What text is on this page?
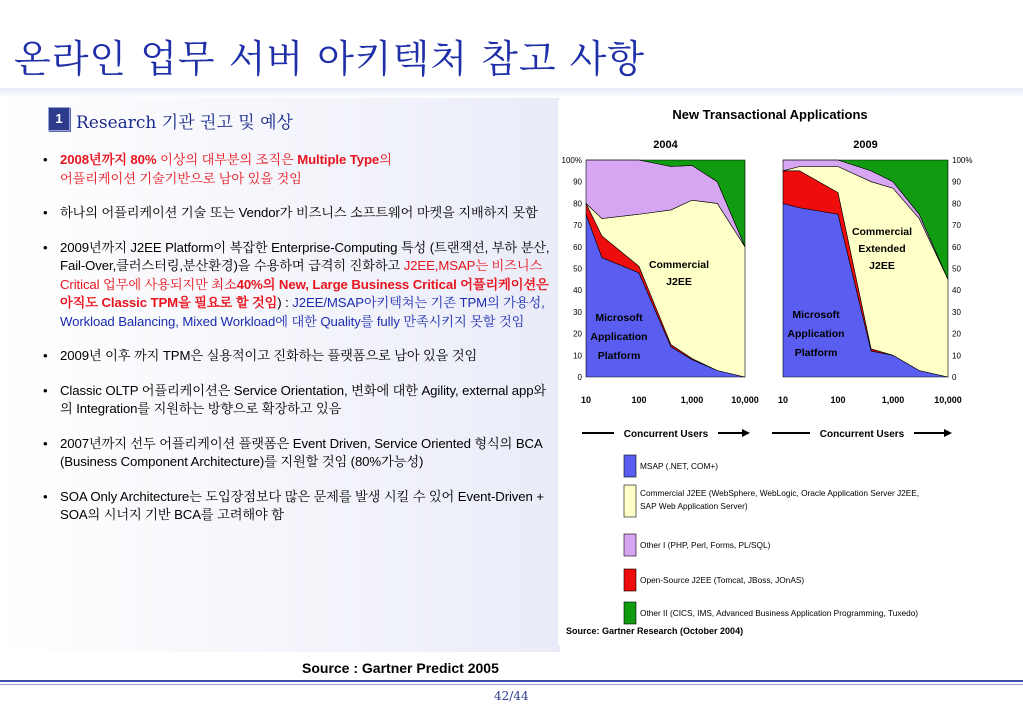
온라인 업무 서버 아키텍처 참고 사항
1 Research 기관 권고 및 예상
• 2008년까지 80% 이상의 대부분의 조직은 Multiple Type의
어플리케이션 기술기반으로 남아 있을 것임
• 하나의 어플리케이션 기술 또는 Vendor가 비즈니스 소프트웨어 마켓을 지배하지 못함
• 2009년까지 J2EE Platform이 복잡한 Enterprise-Computing 특성 (트랜잭션, 부하 분산, Fail-Over,클러스터링,분산환경)을 수용하며 급격히 진화하고 J2EE,MSAP는 비즈니스 Critical 업무에 사용되지만 최소40%의 New, Large Business Critical 어플리케이션은 아직도 Classic TPM을 필요로 할 것임) : J2EE/MSAP아키텍쳐는 기존 TPM의 가용성, Workload Balancing, Mixed Workload에 대한 Quality를 fully 만족시키지 못할 것임
• 2009년 이후 까지 TPM은 실용적이고 진화하는 플랫폼으로 남아 있을 것임
• Classic OLTP 어플리케이션은 Service Orientation, 변화에 대한 Agility, external app와의 Integration를 지원하는 방향으로 확장하고 있음
• 2007년까지 선두 어플리케이션 플랫폼은 Event Driven, Service Oriented 형식의 BCA (Business Component Architecture)를 지원할 것임 (80%가능성)
• SOA Only Architecture는 도입장점보다 많은 문제를 발생 시킬 수 있어 Event-Driven + SOA의 시너지 기반 BCA를 고려해야 함
New Transactional Applications
2004
0
10
20
30
40
50
60
70
80
90
100%
10	100	1,000	10,000
Commercial
J2EE
Microsoft
Application
Platform
Concurrent Users
2009
0
10
20
30
40
50
60
70
80
90
100%
10	100	1,000	10,000
Commercial
Extended
J2EE
Microsoft
Application
Platform
Concurrent Users
MSAP (.NET, COM+)
Commercial J2EE (WebSphere, WebLogic, Oracle Application Server J2EE,
SAP Web Application Server)
Other I (PHP, Perl, Forms, PL/SQL)
Open-Source J2EE (Tomcat, JBoss, JOnAS)
Other II (CICS, IMS, Advanced Business Application Programming, Tuxedo)
Source: Gartner Research (October 2004)
Source : Gartner Predict 2005
42/44
